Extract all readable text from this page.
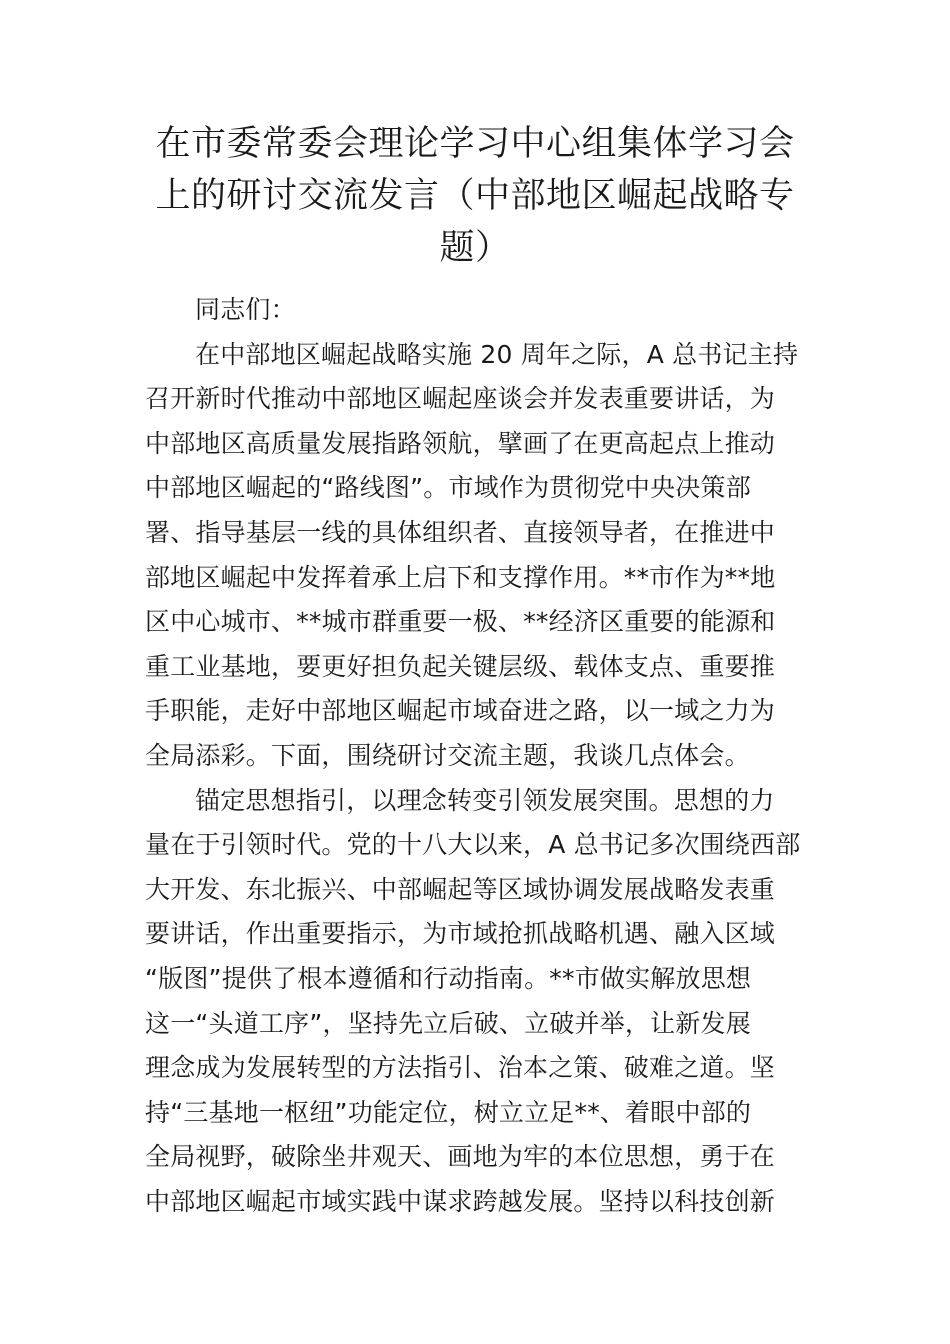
在市委常委会理论学习中心组集体学习会
上的研讨交流发言（中部地区崛起战略专
题）
同志们：
在中部地区崛起战略实施 20 周年之际，A 总书记主持
召开新时代推动中部地区崛起座谈会并发表重要讲话，为
中部地区高质量发展指路领航，擘画了在更高起点上推动
中部地区崛起的“路线图”。市域作为贯彻党中央决策部
署、指导基层一线的具体组织者、直接领导者，在推进中
部地区崛起中发挥着承上启下和支撑作用。**市作为**地
区中心城市、**城市群重要一极、**经济区重要的能源和
重工业基地，要更好担负起关键层级、载体支点、重要推
手职能，走好中部地区崛起市域奋进之路，以一域之力为
全局添彩。下面，围绕研讨交流主题，我谈几点体会。
锚定思想指引，以理念转变引领发展突围。思想的力
量在于引领时代。党的十八大以来，A 总书记多次围绕西部
大开发、东北振兴、中部崛起等区域协调发展战略发表重
要讲话，作出重要指示，为市域抢抓战略机遇、融入区域
“版图”提供了根本遵循和行动指南。**市做实解放思想
这一“头道工序”，坚持先立后破、立破并举，让新发展
理念成为发展转型的方法指引、治本之策、破难之道。坚
持“三基地一枢纽”功能定位，树立立足**、着眼中部的
全局视野，破除坐井观天、画地为牢的本位思想，勇于在
中部地区崛起市域实践中谋求跨越发展。坚持以科技创新
